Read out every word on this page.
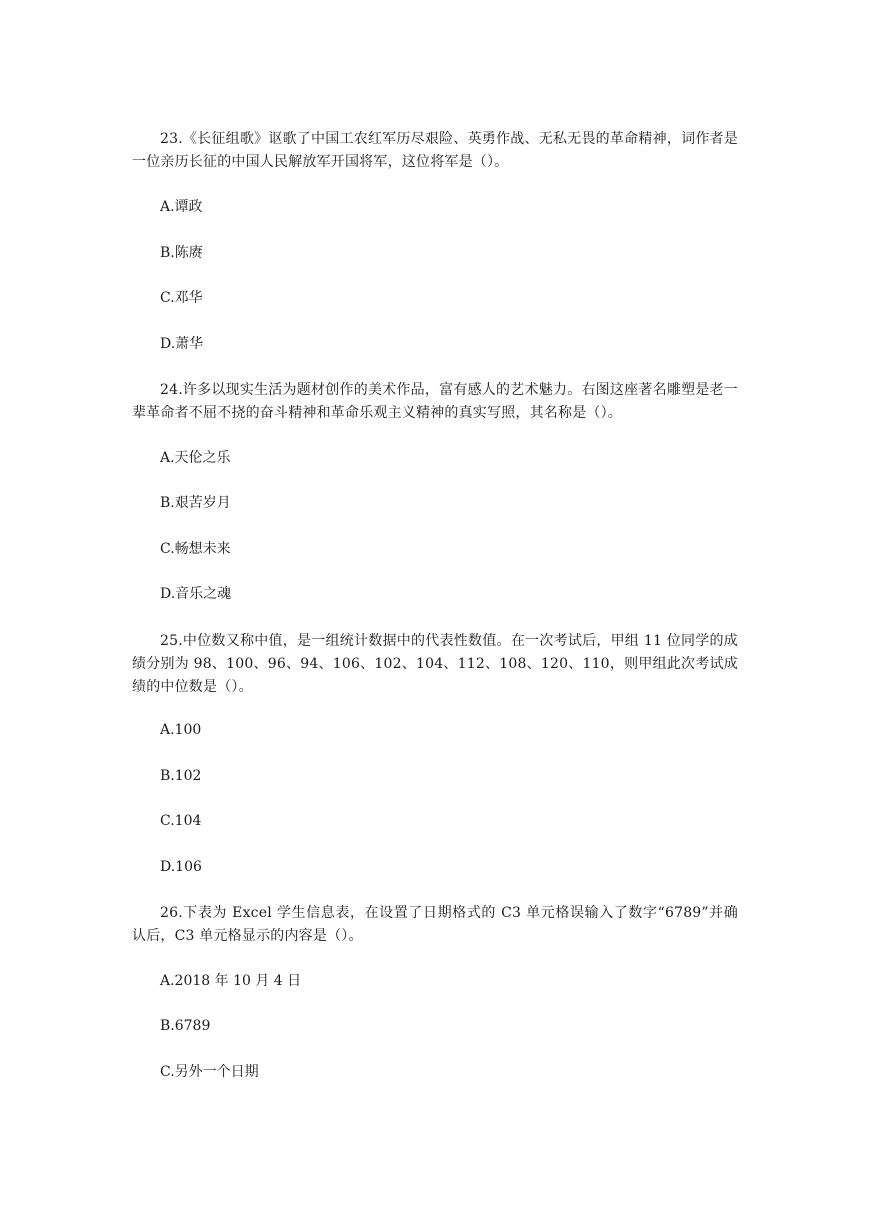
23.《长征组歌》讴歌了中国工农红军历尽艰险、英勇作战、无私无畏的革命精神，词作者是一位亲历长征的中国人民解放军开国将军，这位将军是（）。

A.谭政

B.陈赓

C.邓华

D.萧华

24.许多以现实生活为题材创作的美术作品，富有感人的艺术魅力。右图这座著名雕塑是老一辈革命者不屈不挠的奋斗精神和革命乐观主义精神的真实写照，其名称是（）。

A.天伦之乐

B.艰苦岁月

C.畅想未来

D.音乐之魂

25.中位数又称中值，是一组统计数据中的代表性数值。在一次考试后，甲组 11 位同学的成绩分别为 98、100、96、94、106、102、104、112、108、120、110，则甲组此次考试成绩的中位数是（）。

A.100

B.102

C.104

D.106

26.下表为 Excel 学生信息表，在设置了日期格式的 C3 单元格误输入了数字“6789”并确认后，C3 单元格显示的内容是（）。

A.2018 年 10 月 4 日

B.6789

C.另外一个日期
